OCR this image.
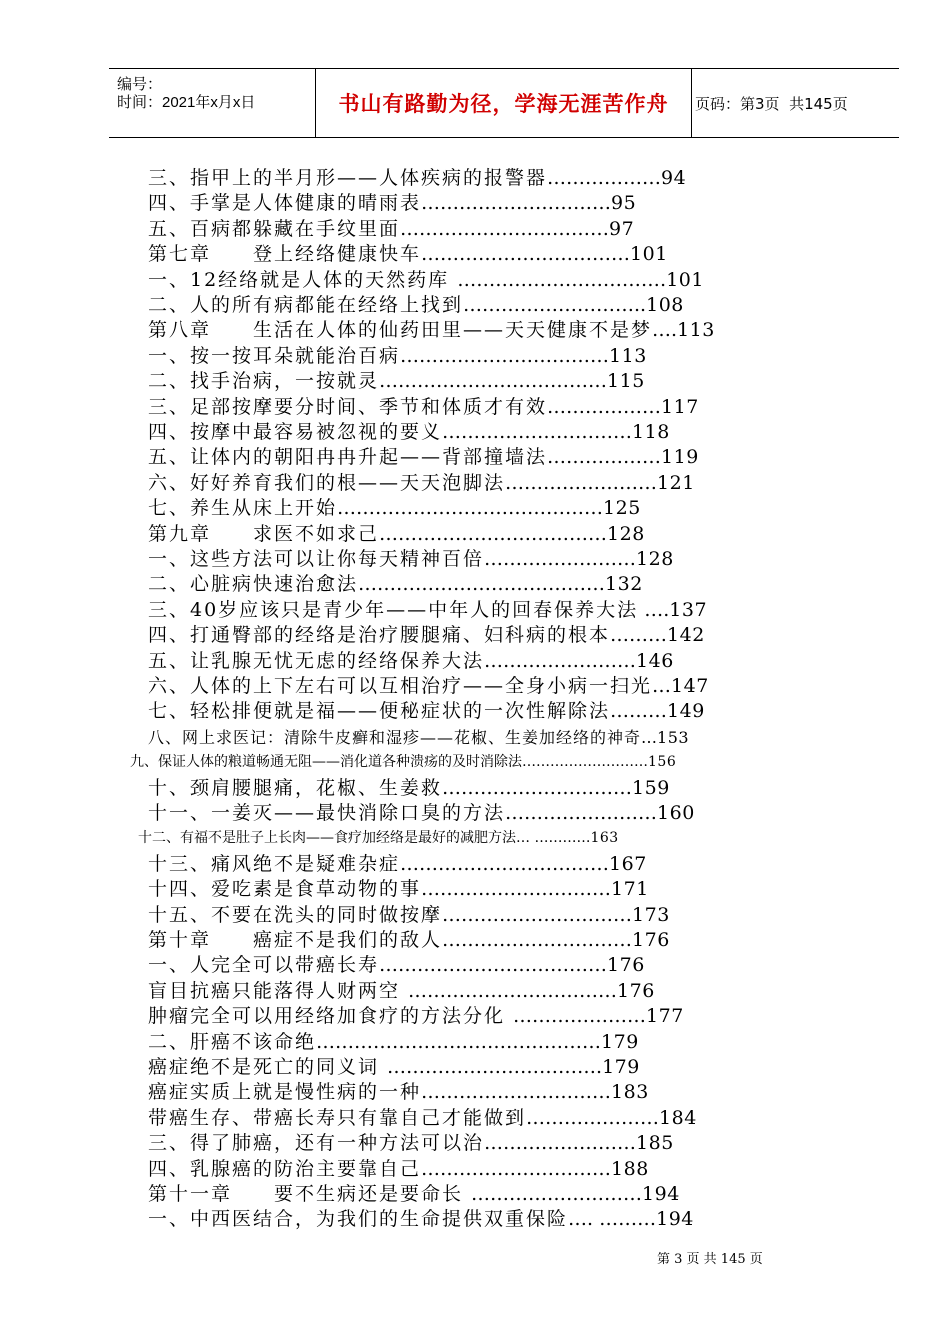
编号：
时间：2021年x月x日	书山有路勤为径，学海无涯苦作舟	页码：第3页  共145页
三、指甲上的半月形——人体疾病的报警器………………94
四、手掌是人体健康的晴雨表…………………………95
五、百病都躲藏在手纹里面……………………………97
第七章　　登上经络健康快车……………………………101
一、12经络就是人体的天然药库 ……………………………101
二、人的所有病都能在经络上找到………………………..108
第八章　　生活在人体的仙药田里——天天健康不是梦….113
一、按一按耳朵就能治百病……………………………113
二、找手治病，一按就灵………………………………115
三、足部按摩要分时间、季节和体质才有效………………117
四、按摩中最容易被忽视的要义…………………………118
五、让体内的朝阳冉冉升起——背部撞墙法………………119
六、好好养育我们的根——天天泡脚法……………………121
七、养生从床上开始……………………………………125
第九章　　求医不如求己………………………………128
一、这些方法可以让你每天精神百倍……………………128
二、心脏病快速治愈法…………………………………132
三、40岁应该只是青少年——中年人的回春保养大法 ….137
四、打通臀部的经络是治疗腰腿痛、妇科病的根本………142
五、让乳腺无忧无虑的经络保养大法……………………146
六、人体的上下左右可以互相治疗——全身小病一扫光…147
七、轻松排便就是福——便秘症状的一次性解除法………149
八、网上求医记：清除牛皮癣和湿疹——花椒、生姜加经络的神奇…153
九、保证人体的粮道畅通无阻——消化道各种溃疡的及时消除法………………………156
十、颈肩腰腿痛，花椒、生姜救…………………………159
十一、一姜灭——最快消除口臭的方法……………………160
十二、有福不是肚子上长肉——食疗加经络是最好的减肥方法… …………163
十三、痛风绝不是疑难杂症……………………………167
十四、爱吃素是食草动物的事…………………………171
十五、不要在洗头的同时做按摩…………………………173
第十章　　癌症不是我们的敌人…………………………176
一、人完全可以带癌长寿………………………………176
盲目抗癌只能落得人财两空 ……………………………176
肿瘤完全可以用经络加食疗的方法分化 …………………177
二、肝癌不该命绝………………………………………179
癌症绝不是死亡的同义词 …………………………….179
癌症实质上就是慢性病的一种…………………………183
带癌生存、带癌长寿只有靠自己才能做到…………………184
三、得了肺癌，还有一种方法可以治……………………185
四、乳腺癌的防治主要靠自己…………………………188
第十一章　　要不生病还是要命长 ………………………194
一、中西医结合，为我们的生命提供双重保险…. ………194
第 3 页 共 145 页
